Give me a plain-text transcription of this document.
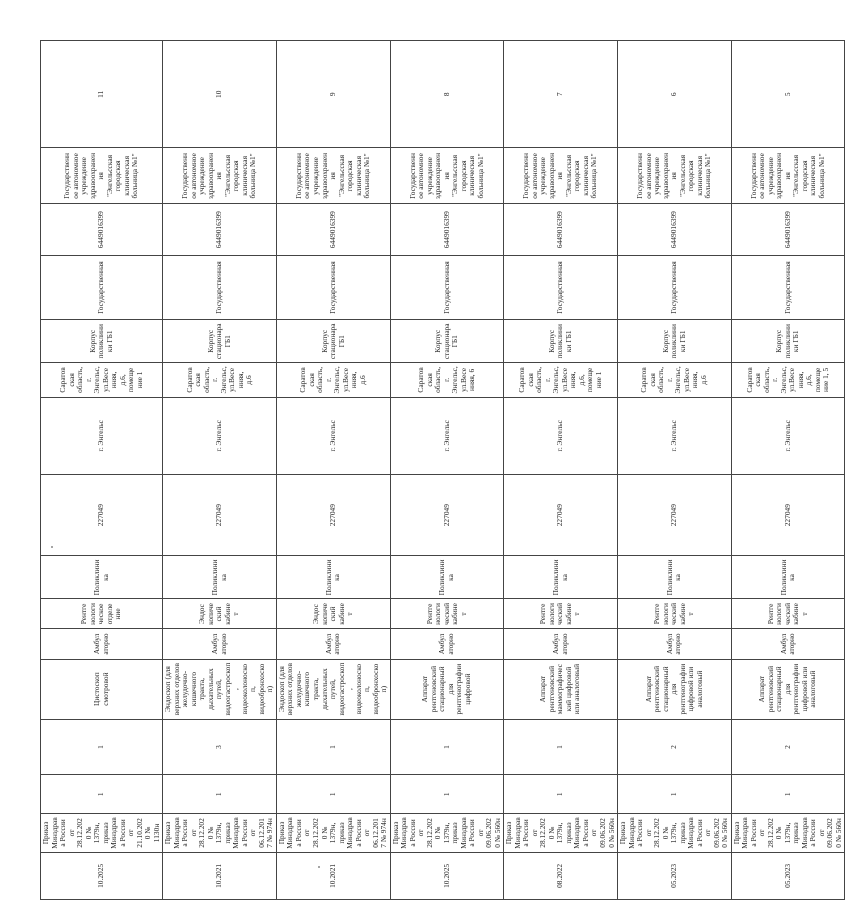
10.2025	Приказ Минздрава России от 28.12.2020 № 1379н, приказ Минздрава России от 21.10.2020 № 1130н	1	1	Цистоскоп смотровой	Амбулаторно	Рентгенологическое отделение	Поликлиника	227049	г. Энгельс	Саратовская область, г. Энгельс, ул.Весенняя, д.6, помещение 1	Корпус поликлиники ГБ1	Государственная	6449016399	Государственное автономное учреждение здравоохранения "Энгельсская городская клиническая больница №1"	11
10.2021	Приказ Минздрава России от 28.12.2020 № 1379н, приказ Минздрава России от 06.12.2017 № 974н	1	3	Эндоскоп (для верхних отделов желудочно-кишечного тракта, дыхательных путей, видеогастроскоп, видеоколоноскоп, видеобронхоскоп)	Амбулаторно	Эндоскопический кабинет	Поликлиника	227049	г. Энгельс	Саратовская область, г. Энгельс, ул.Весенняя, д.6	Корпус стационара ГБ1	Государственная	6449016399	Государственное автономное учреждение здравоохранения "Энгельсская городская клиническая больница №1"	10
10.2021	Приказ Минздрава России от 28.12.2020 № 1379н, приказ Минздрава России от 06.12.2017 № 974н	1	1	Эндоскоп (для верхних отделов желудочно-кишечного тракта, дыхательных путей, видеогастроскоп, видеоколоноскоп, видеобронхоскоп)	Амбулаторно	Эндоскопический кабинет	Поликлиника	227049	г. Энгельс	Саратовская область, г. Энгельс, ул.Весенняя, д.6	Корпус стационара ГБ1	Государственная	6449016399	Государственное автономное учреждение здравоохранения "Энгельсская городская клиническая больница №1"	9
10.2025	Приказ Минздрава России от 28.12.2020 № 1379н, приказ Минздрава России от 09.06.2020 № 560н	1	1	Аппарат рентгеновский стационарный для рентгенографии цифровой	Амбулаторно	Рентгенологический кабинет	Поликлиника	227049	г. Энгельс	Саратовская область, г. Энгельс, ул.Весенняя, 6	Корпус стационара ГБ1	Государственная	6449016399	Государственное автономное учреждение здравоохранения "Энгельсская городская клиническая больница №1"	8
08.2022	Приказ Минздрава России от 28.12.2020 № 1379н, приказ Минздрава России от 09.06.2020 № 560н	1	1	Аппарат рентгеновский маммографический цифровой или аналоговый	Амбулаторно	Рентгенологический кабинет	Поликлиника	227049	г. Энгельс	Саратовская область, г. Энгельс, ул.Весенняя, д.6, помещение 1	Корпус поликлиники ГБ1	Государственная	6449016399	Государственное автономное учреждение здравоохранения "Энгельсская городская клиническая больница №1"	7
05.2023	Приказ Минздрава России от 28.12.2020 № 1379н, приказ Минздрава России от 09.06.2020 № 560н	1	2	Аппарат рентгеновский стационарный для рентгенографии цифровой или аналоговый	Амбулаторно	Рентгенологический кабинет	Поликлиника	227049	г. Энгельс	Саратовская область, г. Энгельс, ул.Весенняя, д.6	Корпус поликлиники ГБ1	Государственная	6449016399	Государственное автономное учреждение здравоохранения "Энгельсская городская клиническая больница №1"	6
05.2023	Приказ Минздрава России от 28.12.2020 № 1379н, приказ Минздрава России от 09.06.2020 № 560н	1	2	Аппарат рентгеновский стационарный для рентгенографии цифровой или аналоговый	Амбулаторно	Рентгенологический кабинет	Поликлиника	227049	г. Энгельс	Саратовская область, г. Энгельс, ул.Весенняя, д.6, помещение 1, 5	Корпус поликлиники ГБ1	Государственная	6449016399	Государственное автономное учреждение здравоохранения "Энгельсская городская клиническая больница №1"	5
